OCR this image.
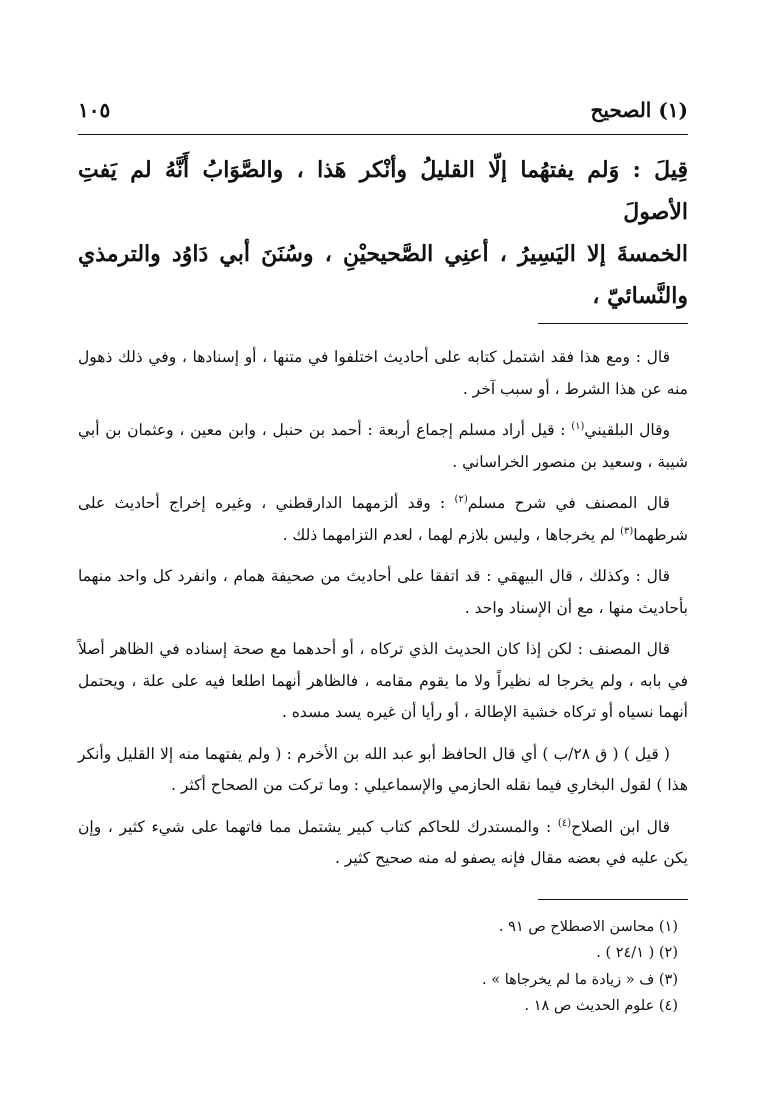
(١) الصحيح
١٠٥
قِيلَ : وَلم يفتهُما إلّا القليلُ وأنْكر هَذا ، والصَّوَابُ أَنَّهُ لم يَفتِ الأصولَ
الخمسةَ إلا اليَسِيرُ ، أعنِي الصَّحيحيْنِ ، وسُنَنَ أبي دَاوُد والترمذي والنَّسائيّ ،

قال : ومع هذا فقد اشتمل كتابه على أحاديث اختلفوا في متنها ، أو إسنادها ، وفي ذلك ذهول منه عن هذا الشرط ، أو سبب آخر .

وقال البلقيني$^{(١)}$ : قيل أراد مسلم إجماع أربعة : أحمد بن حنبل ، وابن معين ، وعثمان بن أبي شيبة ، وسعيد بن منصور الخراساني .

قال المصنف في شرح مسلم$^{(٢)}$ : وقد ألزمهما الدارقطني ، وغيره إخراج أحاديث على شرطهما$^{(٣)}$ لم يخرجاها ، وليس بلازم لهما ، لعدم التزامهما ذلك .

قال : وكذلك ، قال البيهقي : قد اتفقا على أحاديث من صحيفة همام ، وانفرد كل واحد منهما بأحاديث منها ، مع أن الإسناد واحد .

قال المصنف : لكن إذا كان الحديث الذي تركاه ، أو أحدهما مع صحة إسناده في الظاهر أصلاً في بابه ، ولم يخرجا له نظيراً ولا ما يقوم مقامه ، فالظاهر أنهما اطلعا فيه على علة ، ويحتمل أنهما نسياه أو تركاه خشية الإطالة ، أو رأيا أن غيره يسد مسده .

( قيل ) ( ق ٢٨/ب ) أي قال الحافظ أبو عبد الله بن الأخرم : ( ولم يفتهما منه إلا القليل وأنكر هذا ) لقول البخاري فيما نقله الحازمي والإسماعيلي : وما تركت من الصحاح أكثر .

قال ابن الصلاح$^{(٤)}$ : والمستدرك للحاكم كتاب كبير يشتمل مما فاتهما على شيء كثير ، وإن يكن عليه في بعضه مقال فإنه يصفو له منه صحيح كثير .

(١) محاسن الاصطلاح ص ٩١ .

(٢) ( ٢٤/١ ) .

(٣) ف « زيادة ما لم يخرجاها » .

(٤) علوم الحديث ص ١٨ .
